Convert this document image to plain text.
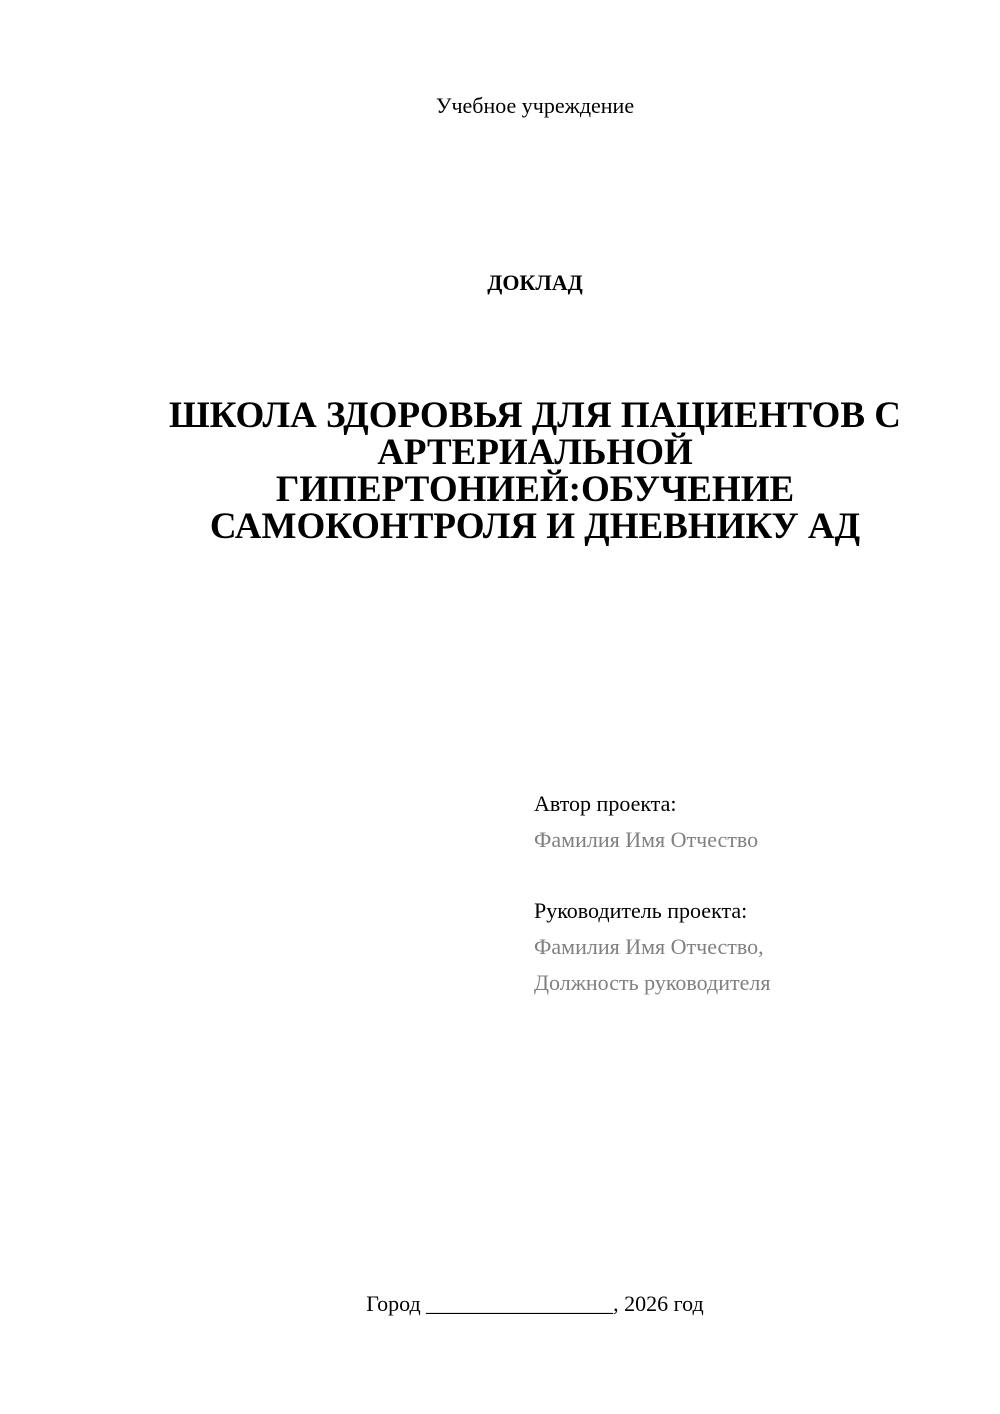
Учебное учреждение
ДОКЛАД
ШКОЛА ЗДОРОВЬЯ ДЛЯ ПАЦИЕНТОВ С
АРТЕРИАЛЬНОЙ
ГИПЕРТОНИЕЙ:ОБУЧЕНИЕ
САМОКОНТРОЛЯ И ДНЕВНИКУ АД
Автор проекта:
Фамилия Имя Отчество
Руководитель проекта:
Фамилия Имя Отчество,
Должность руководителя
Город _________________, 2026 год
